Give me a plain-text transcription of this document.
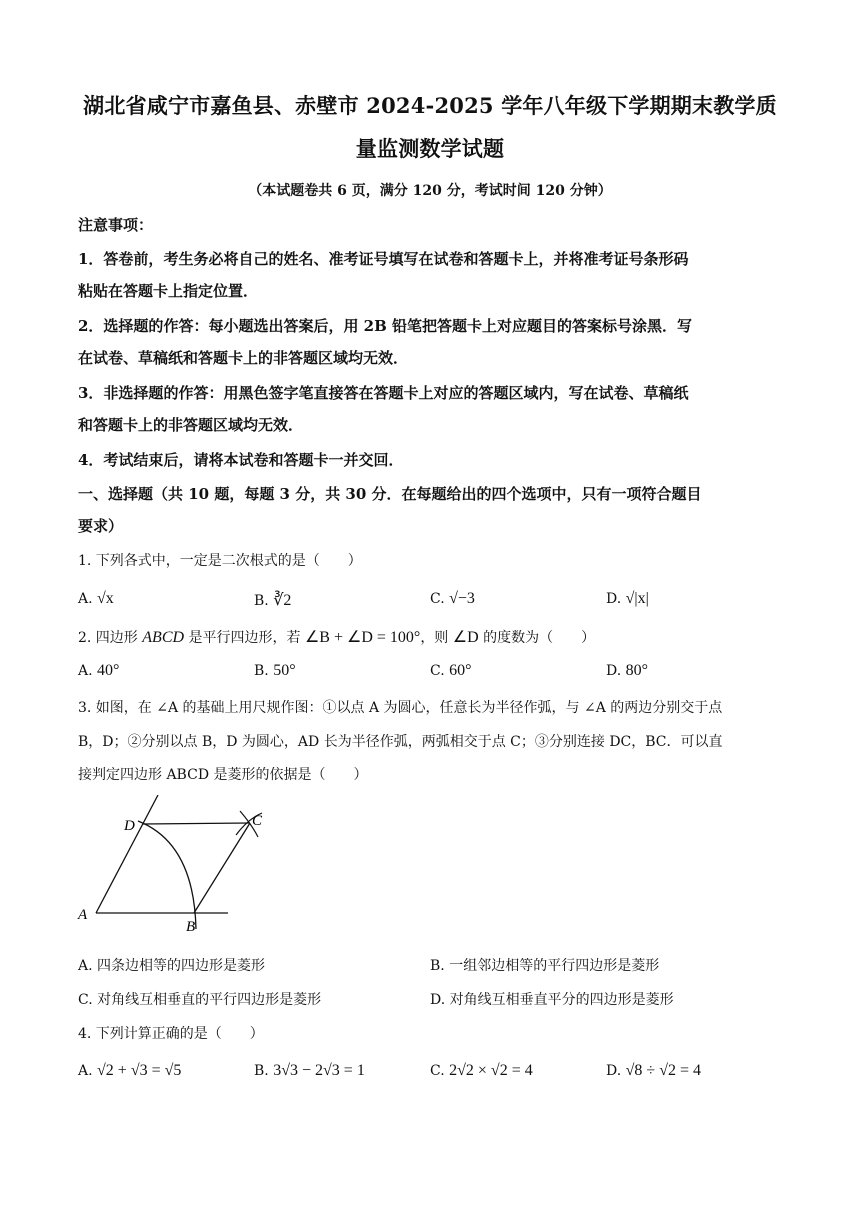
湖北省咸宁市嘉鱼县、赤壁市 2024-2025 学年八年级下学期期末教学质
量监测数学试题
（本试题卷共 6 页，满分 120 分，考试时间 120 分钟）
注意事项：
1．答卷前，考生务必将自己的姓名、准考证号填写在试卷和答题卡上，并将准考证号条形码
粘贴在答题卡上指定位置．
2．选择题的作答：每小题选出答案后，用 2B 铅笔把答题卡上对应题目的答案标号涂黑．写
在试卷、草稿纸和答题卡上的非答题区域均无效．
3．非选择题的作答：用黑色签字笔直接答在答题卡上对应的答题区域内，写在试卷、草稿纸
和答题卡上的非答题区域均无效．
4．考试结束后，请将本试卷和答题卡一并交回．
一、选择题（共 10 题，每题 3 分，共 30 分．在每题给出的四个选项中，只有一项符合题目
要求）
1. 下列各式中，一定是二次根式的是（　　）
A. √x	B. ∛2	C. √−3	D. √|x|
2. 四边形 ABCD 是平行四边形，若 ∠B + ∠D = 100°，则 ∠D 的度数为（　　）
A. 40°	B. 50°	C. 60°	D. 80°
3. 如图，在 ∠A 的基础上用尺规作图：①以点 A 为圆心，任意长为半径作弧，与 ∠A 的两边分别交于点
B，D；②分别以点 B，D 为圆心，AD 长为半径作弧，两弧相交于点 C；③分别连接 DC，BC．可以直
接判定四边形 ABCD 是菱形的依据是（　　）
A
B
C
D
A. 四条边相等的四边形是菱形	B. 一组邻边相等的平行四边形是菱形
C. 对角线互相垂直的平行四边形是菱形	D. 对角线互相垂直平分的四边形是菱形
4. 下列计算正确的是（　　）
A. √2 + √3 = √5	B. 3√3 − 2√3 = 1	C. 2√2 × √2 = 4	D. √8 ÷ √2 = 4
